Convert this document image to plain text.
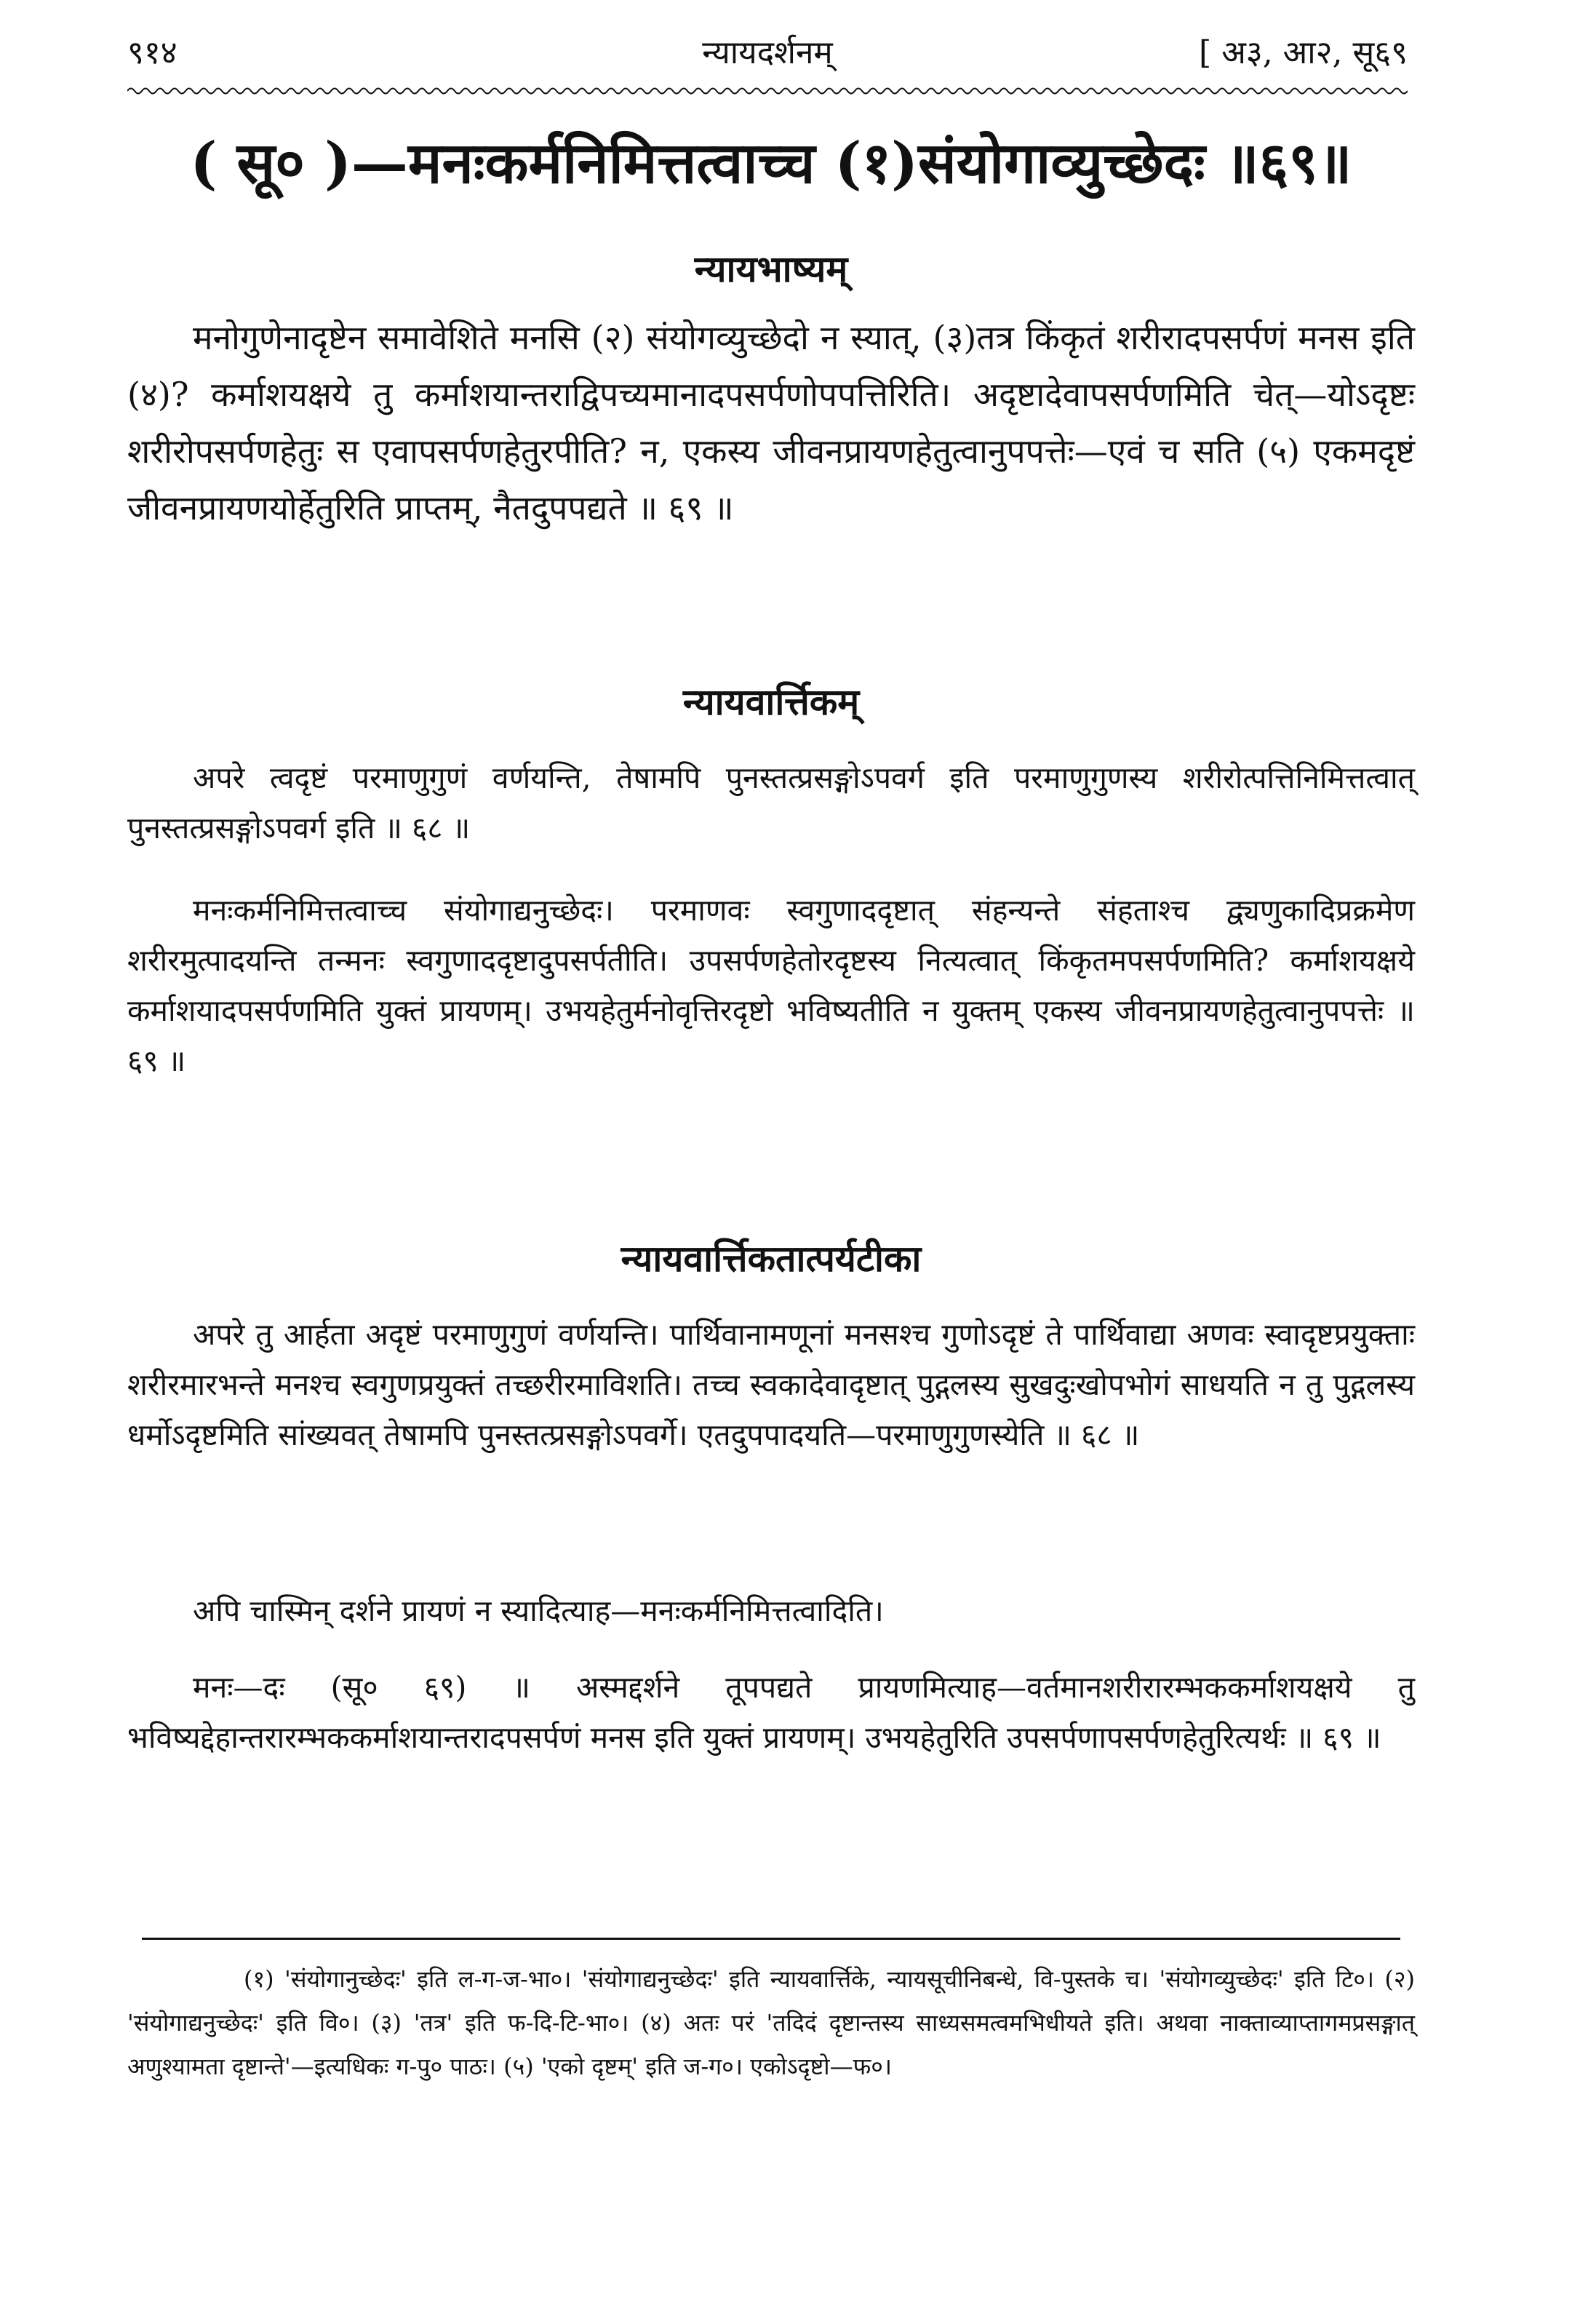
९१४	न्यायदर्शनम्	[ अ३, आ२, सू६९
( सू० )—मनःकर्मनिमित्तत्वाच्च (१)संयोगाव्युच्छेदः ॥६९॥
न्यायभाष्यम्
मनोगुणेनादृष्टेन समावेशिते मनसि (२) संयोगव्युच्छेदो न स्यात्, (३)तत्र किंकृतं शरीरादपसर्पणं मनस इति (४)? कर्माशयक्षये तु कर्माशयान्तराद्विपच्यमानादपसर्पणोपपत्तिरिति। अदृष्टादेवापसर्पणमिति चेत्—योऽदृष्टः शरीरोपसर्पणहेतुः स एवापसर्पणहेतुरपीति? न, एकस्य जीवनप्रायणहेतुत्वानुपपत्तेः—एवं च सति (५) एकमदृष्टं जीवनप्रायणयोर्हेतुरिति प्राप्तम्, नैतदुपपद्यते ॥ ६९ ॥
न्यायवार्त्तिकम्
अपरे त्वदृष्टं परमाणुगुणं वर्णयन्ति, तेषामपि पुनस्तत्प्रसङ्गोऽपवर्ग इति परमाणुगुणस्य शरीरोत्पत्तिनिमित्तत्वात् पुनस्तत्प्रसङ्गोऽपवर्ग इति ॥ ६८ ॥
मनःकर्मनिमित्तत्वाच्च संयोगाद्यनुच्छेदः। परमाणवः स्वगुणाददृष्टात् संहन्यन्ते संहताश्च द्व्यणुकादिप्रक्रमेण शरीरमुत्पादयन्ति तन्मनः स्वगुणाददृष्टादुपसर्पतीति। उपसर्पणहेतोरदृष्टस्य नित्यत्वात् किंकृतमपसर्पणमिति? कर्माशयक्षये कर्माशयादपसर्पणमिति युक्तं प्रायणम्। उभयहेतुर्मनोवृत्तिरदृष्टो भविष्यतीति न युक्तम् एकस्य जीवनप्रायणहेतुत्वानुपपत्तेः ॥ ६९ ॥
न्यायवार्त्तिकतात्पर्यटीका
अपरे तु आर्हता अदृष्टं परमाणुगुणं वर्णयन्ति। पार्थिवानामणूनां मनसश्च गुणोऽदृष्टं ते पार्थिवाद्या अणवः स्वादृष्टप्रयुक्ताः शरीरमारभन्ते मनश्च स्वगुणप्रयुक्तं तच्छरीरमाविशति। तच्च स्वकादेवादृष्टात् पुद्गलस्य सुखदुःखोपभोगं साधयति न तु पुद्गलस्य धर्मोऽदृष्टमिति सांख्यवत् तेषामपि पुनस्तत्प्रसङ्गोऽपवर्गे। एतदुपपादयति—परमाणुगुणस्येति ॥ ६८ ॥
अपि चास्मिन् दर्शने प्रायणं न स्यादित्याह—मनःकर्मनिमित्तत्वादिति।
मनः—दः (सू० ६९) ॥ अस्मद्दर्शने तूपपद्यते प्रायणमित्याह—वर्तमानशरीरारम्भककर्माशयक्षये तु भविष्यद्देहान्तरारम्भककर्माशयान्तरादपसर्पणं मनस इति युक्तं प्रायणम्। उभयहेतुरिति उपसर्पणापसर्पणहेतुरित्यर्थः ॥ ६९ ॥
(१) 'संयोगानुच्छेदः' इति ल-ग-ज-भा०। 'संयोगाद्यनुच्छेदः' इति न्यायवार्त्तिके, न्यायसूचीनिबन्धे, वि-पुस्तके च। 'संयोगव्युच्छेदः' इति टि०। (२) 'संयोगाद्यनुच्छेदः' इति वि०। (३) 'तत्र' इति फ-दि-टि-भा०। (४) अतः परं 'तदिदं दृष्टान्तस्य साध्यसमत्वमभिधीयते इति। अथवा नाक्ताव्याप्तागमप्रसङ्गात् अणुश्यामता दृष्टान्ते'—इत्यधिकः ग-पु० पाठः। (५) 'एको दृष्टम्' इति ज-ग०। एकोऽदृष्टो—फ०।
